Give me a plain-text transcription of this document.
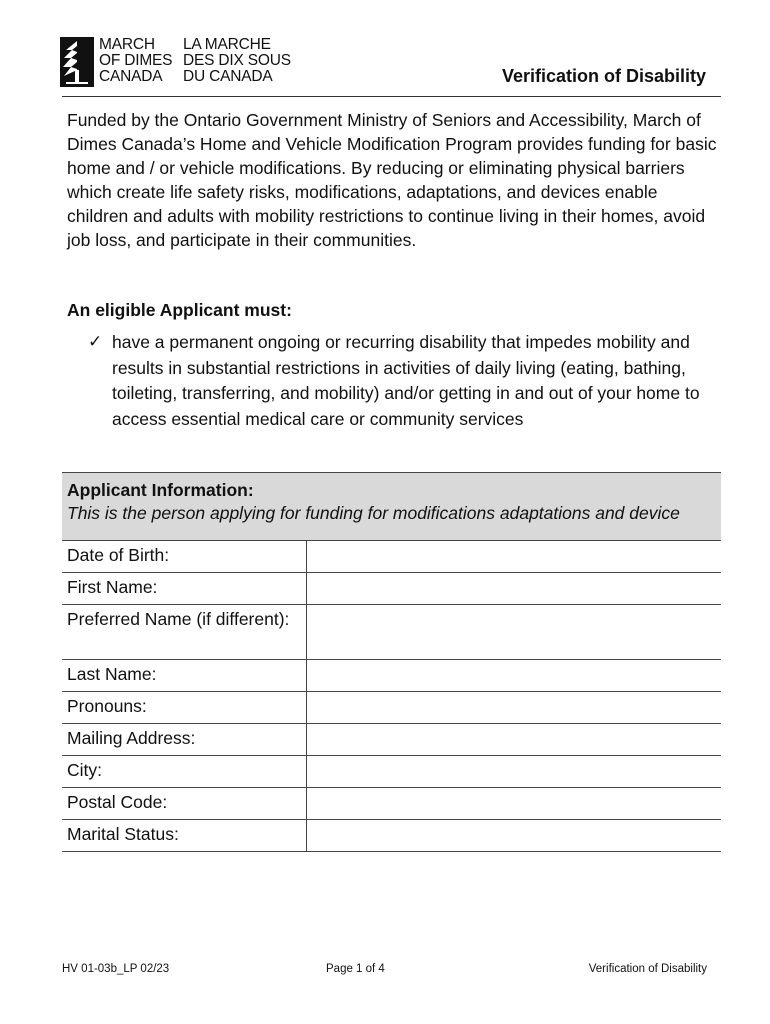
MARCH
OF DIMES
CANADA
LA MARCHE
DES DIX SOUS
DU CANADA	Verification of Disability

Funded by the Ontario Government Ministry of Seniors and Accessibility, March of Dimes Canada’s Home and Vehicle Modification Program provides funding for basic home and / or vehicle modifications. By reducing or eliminating physical barriers which create life safety risks, modifications, adaptations, and devices enable children and adults with mobility restrictions to continue living in their homes, avoid job loss, and participate in their communities.

An eligible Applicant must:

✓ have a permanent ongoing or recurring disability that impedes mobility and results in substantial restrictions in activities of daily living (eating, bathing, toileting, transferring, and mobility) and/or getting in and out of your home to access essential medical care or community services
Applicant Information:
This is the person applying for funding for modifications adaptations and device	

Date of Birth:	
First Name:	
Preferred Name (if different):	
Last Name:	
Pronouns:	
Mailing Address:	
City:	
Postal Code:	
Marital Status:	
HV 01-03b_LP 02/23	Page 1 of 4	Verification of Disability
